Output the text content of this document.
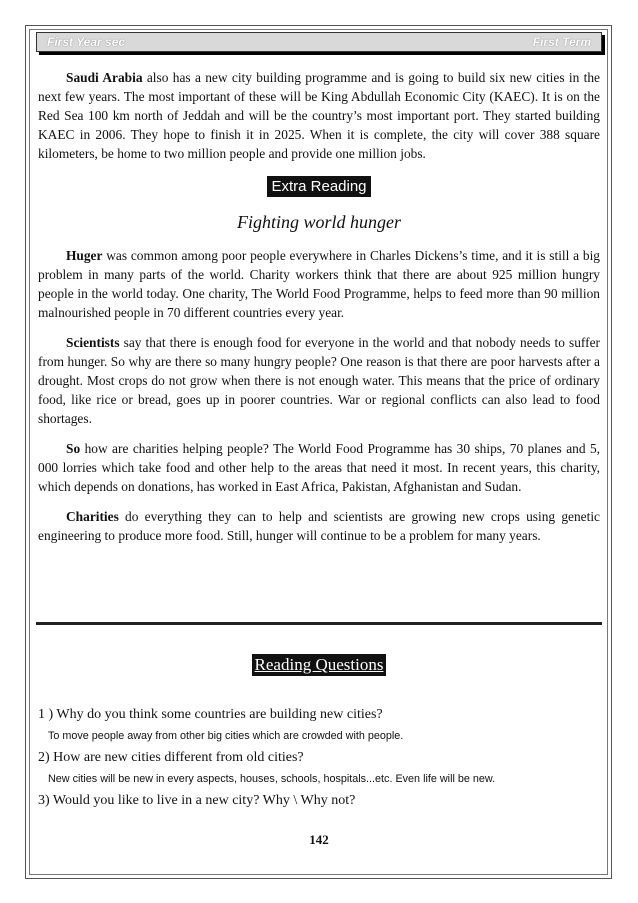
First Year sec	First Term

Saudi Arabia also has a new city building programme and is going to build six new cities in the next few years. The most important of these will be King Abdullah Economic City (KAEC). It is on the Red Sea 100 km north of Jeddah and will be the country’s most important port. They started building KAEC in 2006. They hope to finish it in 2025. When it is complete, the city will cover 388 square kilometers, be home to two million people and provide one million jobs.

Extra Reading
Fighting world hunger

Huger was common among poor people everywhere in Charles Dickens’s time, and it is still a big problem in many parts of the world. Charity workers think that there are about 925 million hungry people in the world today. One charity, The World Food Programme, helps to feed more than 90 million malnourished people in 70 different countries every year.

Scientists say that there is enough food for everyone in the world and that nobody needs to suffer from hunger. So why are there so many hungry people? One reason is that there are poor harvests after a drought. Most crops do not grow when there is not enough water. This means that the price of ordinary food, like rice or bread, goes up in poorer countries. War or regional conflicts can also lead to food shortages.

So how are charities helping people? The World Food Programme has 30 ships, 70 planes and 5, 000 lorries which take food and other help to the areas that need it most. In recent years, this charity, which depends on donations, has worked in East Africa, Pakistan, Afghanistan and Sudan.

Charities do everything they can to help and scientists are growing new crops using genetic engineering to produce more food. Still, hunger will continue to be a problem for many years.

Reading Questions

1 ) Why do you think some countries are building new cities?

To move people away from other big cities which are crowded with people.

2) How are new cities different from old cities?

New cities will be new in every aspects, houses, schools, hospitals...etc. Even life will be new.

3) Would you like to live in a new city? Why \ Why not?

142
